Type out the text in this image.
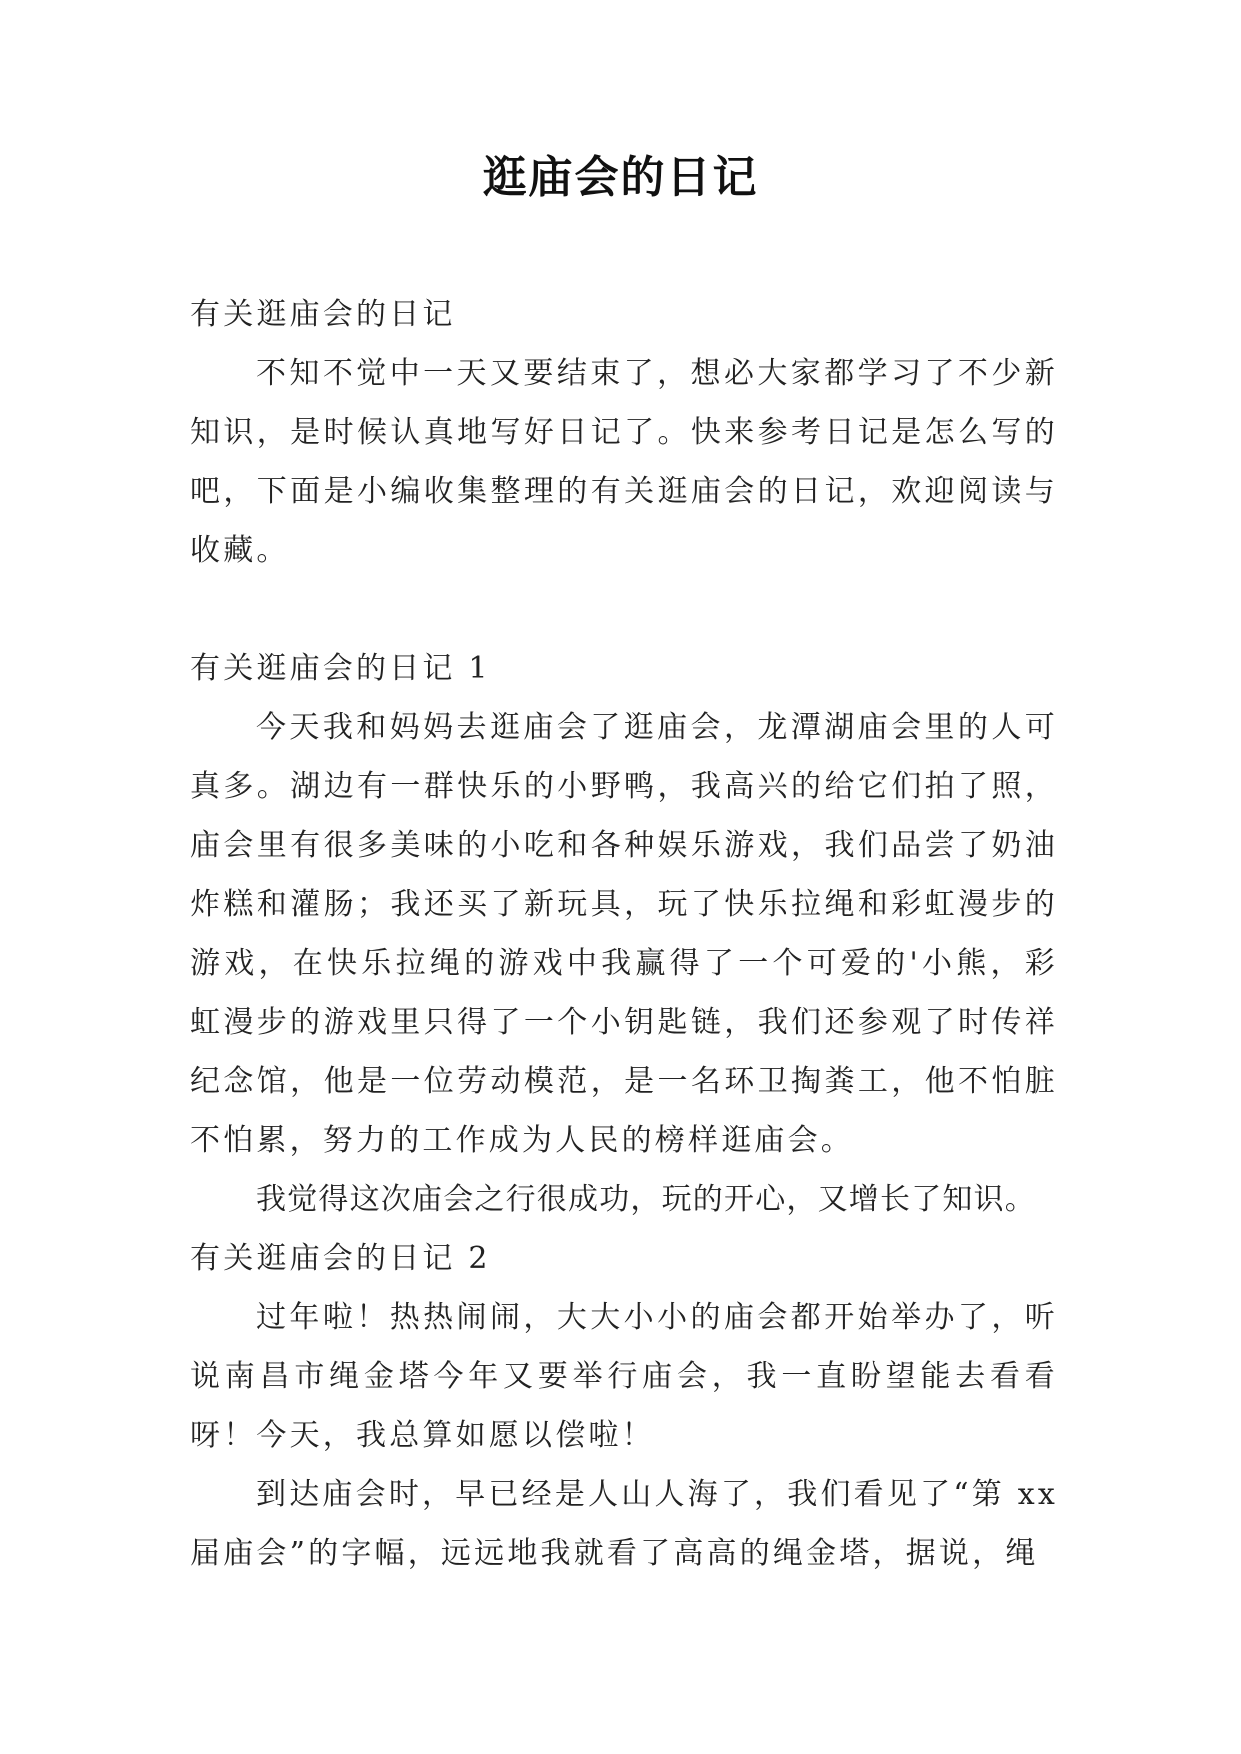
逛庙会的日记

有关逛庙会的日记

不知不觉中一天又要结束了，想必大家都学习了不少新知识，是时候认真地写好日记了。快来参考日记是怎么写的吧，下面是小编收集整理的有关逛庙会的日记，欢迎阅读与收藏。

有关逛庙会的日记 1

今天我和妈妈去逛庙会了逛庙会，龙潭湖庙会里的人可真多。湖边有一群快乐的小野鸭，我高兴的给它们拍了照，庙会里有很多美味的小吃和各种娱乐游戏，我们品尝了奶油炸糕和灌肠；我还买了新玩具，玩了快乐拉绳和彩虹漫步的游戏，在快乐拉绳的游戏中我赢得了一个可爱的'小熊，彩虹漫步的游戏里只得了一个小钥匙链，我们还参观了时传祥纪念馆，他是一位劳动模范，是一名环卫掏粪工，他不怕脏不怕累，努力的工作成为人民的榜样逛庙会。

我觉得这次庙会之行很成功，玩的开心，又增长了知识。

有关逛庙会的日记 2

过年啦！热热闹闹，大大小小的庙会都开始举办了，听说南昌市绳金塔今年又要举行庙会，我一直盼望能去看看呀！今天，我总算如愿以偿啦！

到达庙会时，早已经是人山人海了，我们看见了“第 xx 届庙会”的字幅，远远地我就看了高高的绳金塔，据说，绳
